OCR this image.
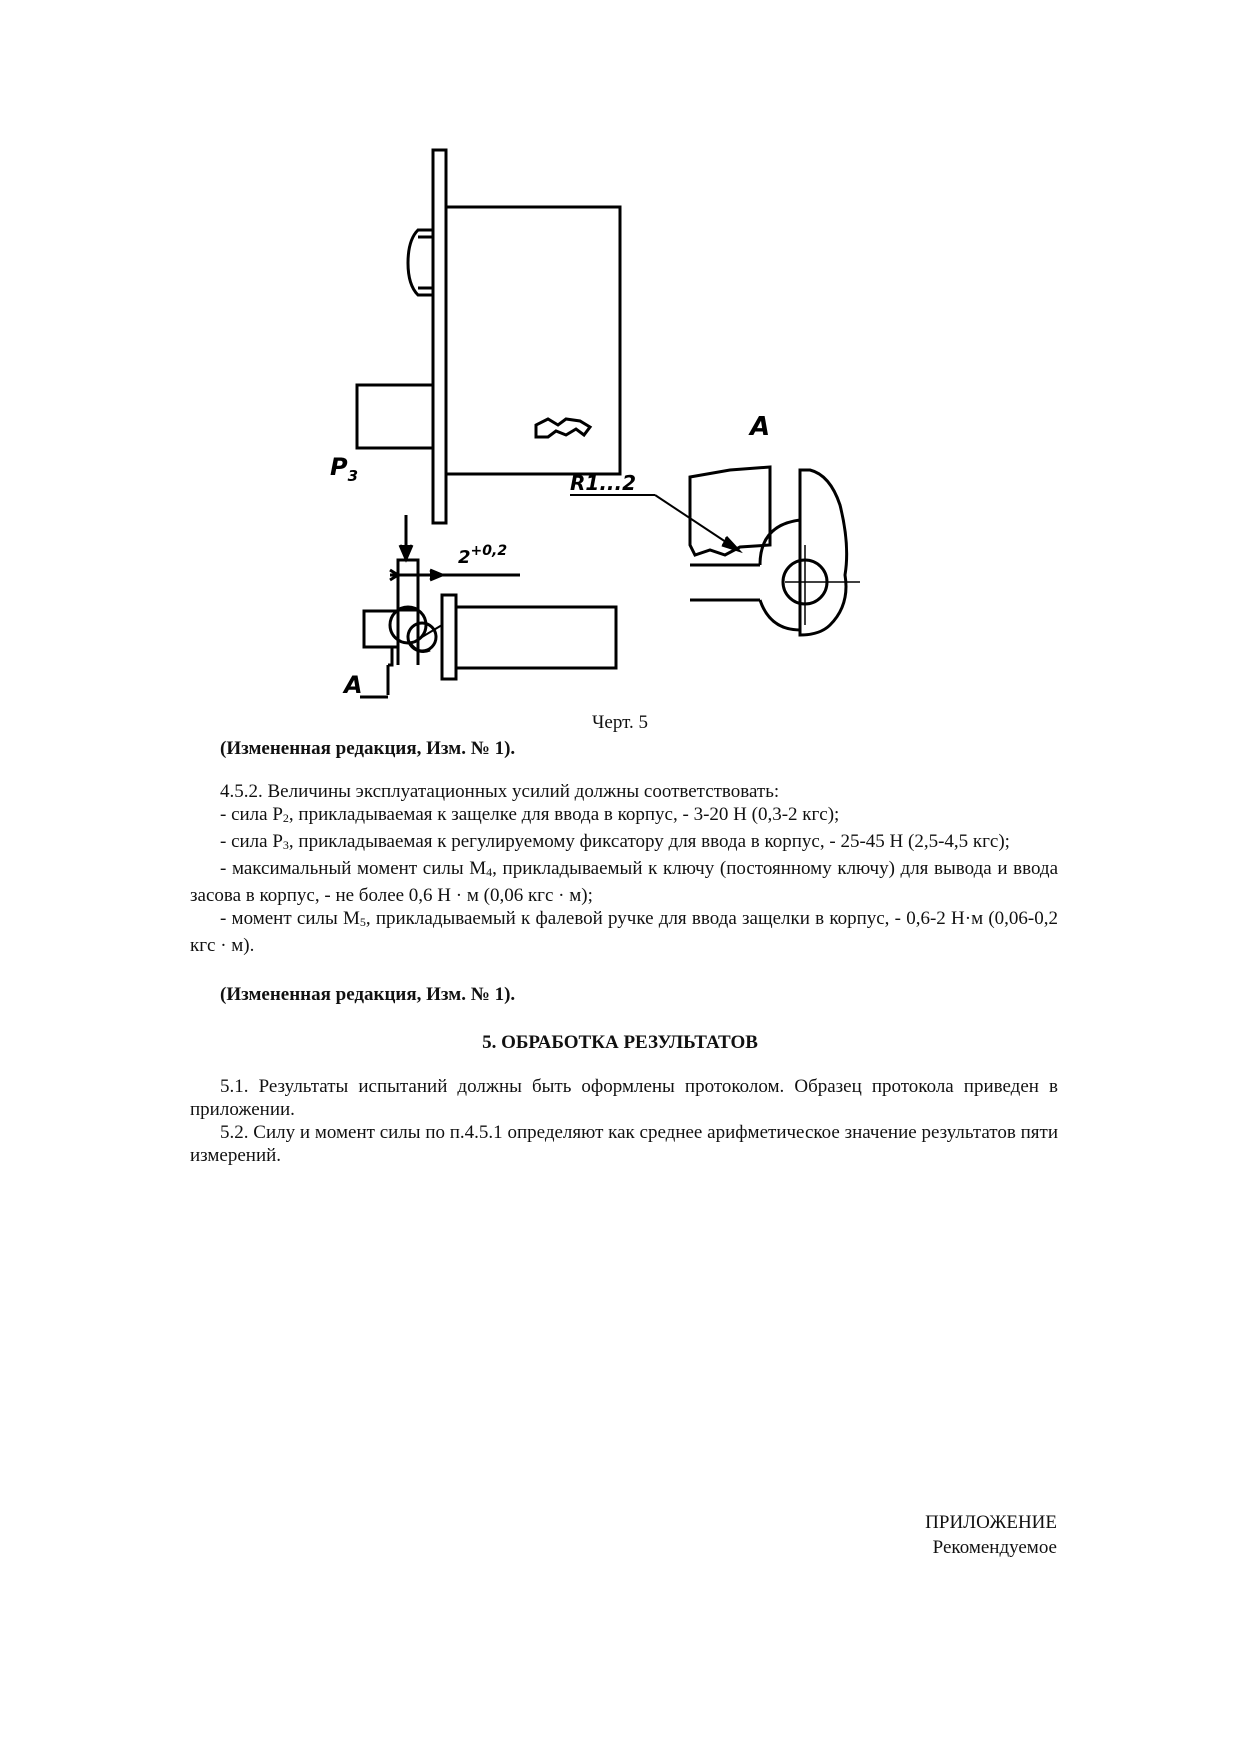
$P_3$
$2^{+0,2}$
A
A
R1...2
Черт. 5

(Измененная редакция, Изм. № 1).

4.5.2. Величины эксплуатационных усилий должны соответствовать:

- сила $Р_2$, прикладываемая к защелке для ввода в корпус, - 3-20 Н (0,3-2 кгс);

- сила $Р_3$, прикладываемая к регулируемому фиксатору для ввода в корпус, - 25-45 Н (2,5-4,5 кгс);

- максимальный момент силы $М_4$, прикладываемый к ключу (постоянному ключу) для вывода и ввода засова в корпус, - не более 0,6 Н · м (0,06 кгс · м);

- момент силы $М_5$, прикладываемый к фалевой ручке для ввода защелки в корпус, - 0,6-2 Н·м (0,06-0,2 кгс · м).

(Измененная редакция, Изм. № 1).

5. ОБРАБОТКА РЕЗУЛЬТАТОВ

5.1. Результаты испытаний должны быть оформлены протоколом. Образец протокола приведен в приложении.

5.2. Силу и момент силы по п.4.5.1 определяют как среднее арифметическое значение результатов пяти измерений.

ПРИЛОЖЕНИЕ
Рекомендуемое
